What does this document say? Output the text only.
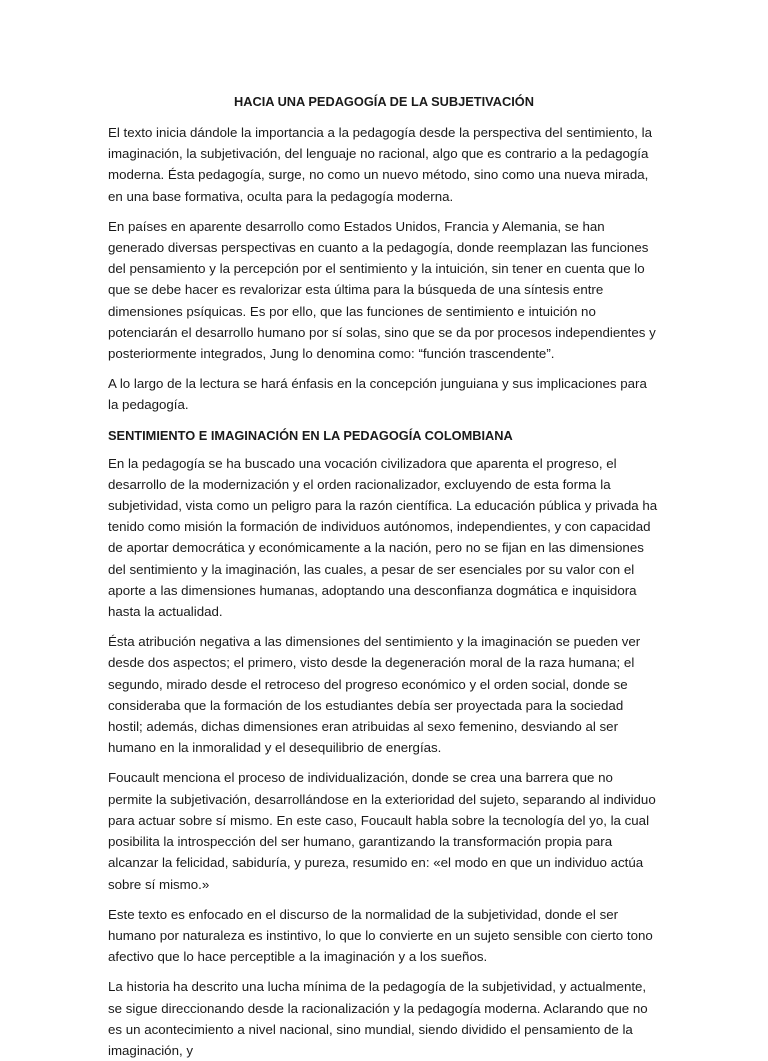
HACIA UNA PEDAGOGÍA DE LA SUBJETIVACIÓN

El texto inicia dándole la importancia a la pedagogía desde la perspectiva del sentimiento, la imaginación, la subjetivación, del lenguaje no racional, algo que es contrario a la pedagogía moderna. Ésta pedagogía, surge, no como un nuevo método, sino como una nueva mirada, en una base formativa, oculta para la pedagogía moderna.

En países en aparente desarrollo como Estados Unidos, Francia y Alemania, se han generado diversas perspectivas en cuanto a la pedagogía, donde reemplazan las funciones del pensamiento y la percepción por el sentimiento y la intuición, sin tener en cuenta que lo que se debe hacer es revalorizar esta última para la búsqueda de una síntesis entre dimensiones psíquicas. Es por ello, que las funciones de sentimiento e intuición no potenciarán el desarrollo humano por sí solas, sino que se da por procesos independientes y posteriormente integrados, Jung lo denomina como: “función trascendente”.

A lo largo de la lectura se hará énfasis en la concepción junguiana y sus implicaciones para la pedagogía.

SENTIMIENTO E IMAGINACIÓN EN LA PEDAGOGÍA COLOMBIANA

En la pedagogía se ha buscado una vocación civilizadora que aparenta el progreso, el desarrollo de la modernización y el orden racionalizador, excluyendo de esta forma la subjetividad, vista como un peligro para la razón científica. La educación pública y privada ha tenido como misión la formación de individuos autónomos, independientes, y con capacidad de aportar democrática y económicamente a la nación, pero no se fijan en las dimensiones del sentimiento y la imaginación, las cuales, a pesar de ser esenciales por su valor con el aporte a las dimensiones humanas, adoptando una desconfianza dogmática e inquisidora hasta la actualidad.

Ésta atribución negativa a las dimensiones del sentimiento y la imaginación se pueden ver desde dos aspectos; el primero, visto desde la degeneración moral de la raza humana; el segundo, mirado desde el retroceso del progreso económico y el orden social, donde se consideraba que la formación de los estudiantes debía ser proyectada para la sociedad hostil; además, dichas dimensiones eran atribuidas al sexo femenino, desviando al ser humano en la inmoralidad y el desequilibrio de energías.

Foucault menciona el proceso de individualización, donde se crea una barrera que no permite la subjetivación, desarrollándose en la exterioridad del sujeto, separando al individuo para actuar sobre sí mismo. En este caso, Foucault habla sobre la tecnología del yo, la cual posibilita la introspección del ser humano, garantizando la transformación propia para alcanzar la felicidad, sabiduría, y pureza, resumido en: «el modo en que un individuo actúa sobre sí mismo.»

Este texto es enfocado en el discurso de la normalidad de la subjetividad, donde el ser humano por naturaleza es instintivo, lo que lo convierte en un sujeto sensible con cierto tono afectivo que lo hace perceptible a la imaginación y a los sueños.

La historia ha descrito una lucha mínima de la pedagogía de la subjetividad, y actualmente, se sigue direccionando desde la racionalización y la pedagogía moderna. Aclarando que no es un acontecimiento a nivel nacional, sino mundial, siendo dividido el pensamiento de la imaginación, y
